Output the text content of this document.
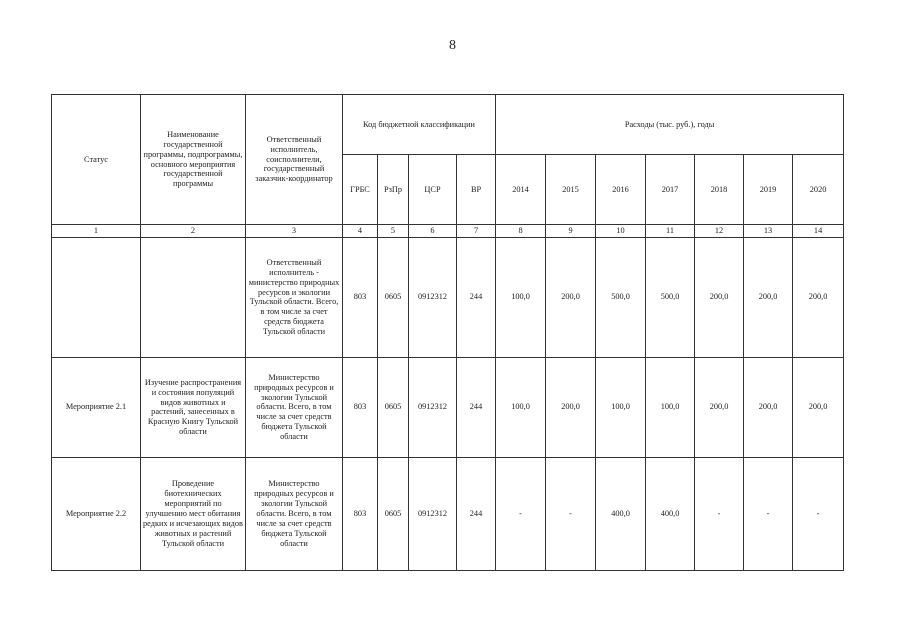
8
Статус	Наименование государственной программы, подпрограммы, основного мероприятия государственной программы	Ответственный исполнитель, соисполнители, государственный заказчик-координатор	Код бюджетной классификации				Расходы (тыс. руб.), годы						
			ГРБС	РзПр	ЦСР	ВР	2014	2015	2016	2017	2018	2019	2020
1	2	3	4	5	6	7	8	9	10	11	12	13	14
		Ответственный исполнитель - министерство природных ресурсов и экологии Тульской области. Всего, в том числе за счет средств бюджета Тульской области	803	0605	0912312	244	100,0	200,0	500,0	500,0	200,0	200,0	200,0
Мероприятие 2.1	Изучение распространения и состояния популяций видов животных и растений, занесенных в Красную Книгу Тульской области	Министерство природных ресурсов и экологии Тульской области. Всего, в том числе за счет средств бюджета Тульской области	803	0605	0912312	244	100,0	200,0	100,0	100,0	200,0	200,0	200,0
Мероприятие 2.2	Проведение биотехнических мероприятий по улучшению мест обитания редких и исчезающих видов животных и растений Тульской области	Министерство природных ресурсов и экологии Тульской области. Всего, в том числе за счет средств бюджета Тульской области	803	0605	0912312	244	-	-	400,0	400,0	-	-	-
